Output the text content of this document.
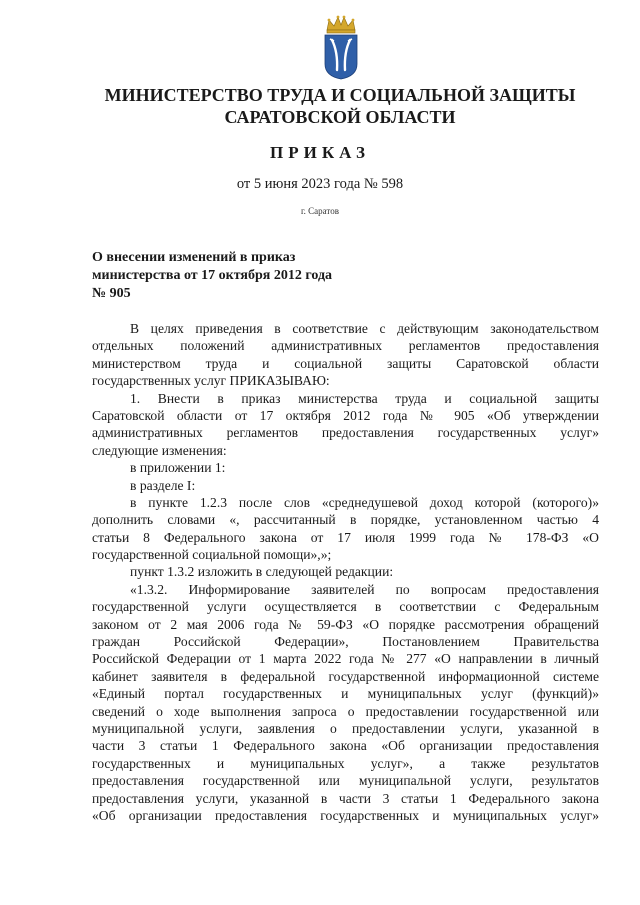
МИНИСТЕРСТВО ТРУДА И СОЦИАЛЬНОЙ ЗАЩИТЫ
САРАТОВСКОЙ ОБЛАСТИ
ПРИКАЗ
от 5 июня 2023 года № 598
г. Саратов
О внесении изменений в приказ
министерства от 17 октября 2012 года
№ 905
В целях приведения в соответствие с действующим законодательством
отдельных положений административных регламентов предоставления
министерством труда и социальной защиты Саратовской области
государственных услуг ПРИКАЗЫВАЮ:
1. Внести в приказ министерства труда и социальной защиты
Саратовской области от 17 октября 2012 года № 905 «Об утверждении
административных регламентов предоставления государственных услуг»
следующие изменения:
в приложении 1:
в разделе I:
в пункте 1.2.3 после слов «среднедушевой доход которой (которого)»
дополнить словами «, рассчитанный в порядке, установленном частью 4
статьи 8 Федерального закона от 17 июля 1999 года № 178-ФЗ «О
государственной социальной помощи»,»;
пункт 1.3.2 изложить в следующей редакции:
«1.3.2. Информирование заявителей по вопросам предоставления
государственной услуги осуществляется в соответствии с Федеральным
законом от 2 мая 2006 года № 59-ФЗ «О порядке рассмотрения обращений
граждан Российской Федерации», Постановлением Правительства
Российской Федерации от 1 марта 2022 года № 277 «О направлении в личный
кабинет заявителя в федеральной государственной информационной системе
«Единый портал государственных и муниципальных услуг (функций)»
сведений о ходе выполнения запроса о предоставлении государственной или
муниципальной услуги, заявления о предоставлении услуги, указанной в
части 3 статьи 1 Федерального закона «Об организации предоставления
государственных и муниципальных услуг», а также результатов
предоставления государственной или муниципальной услуги, результатов
предоставления услуги, указанной в части 3 статьи 1 Федерального закона
«Об организации предоставления государственных и муниципальных услуг»
